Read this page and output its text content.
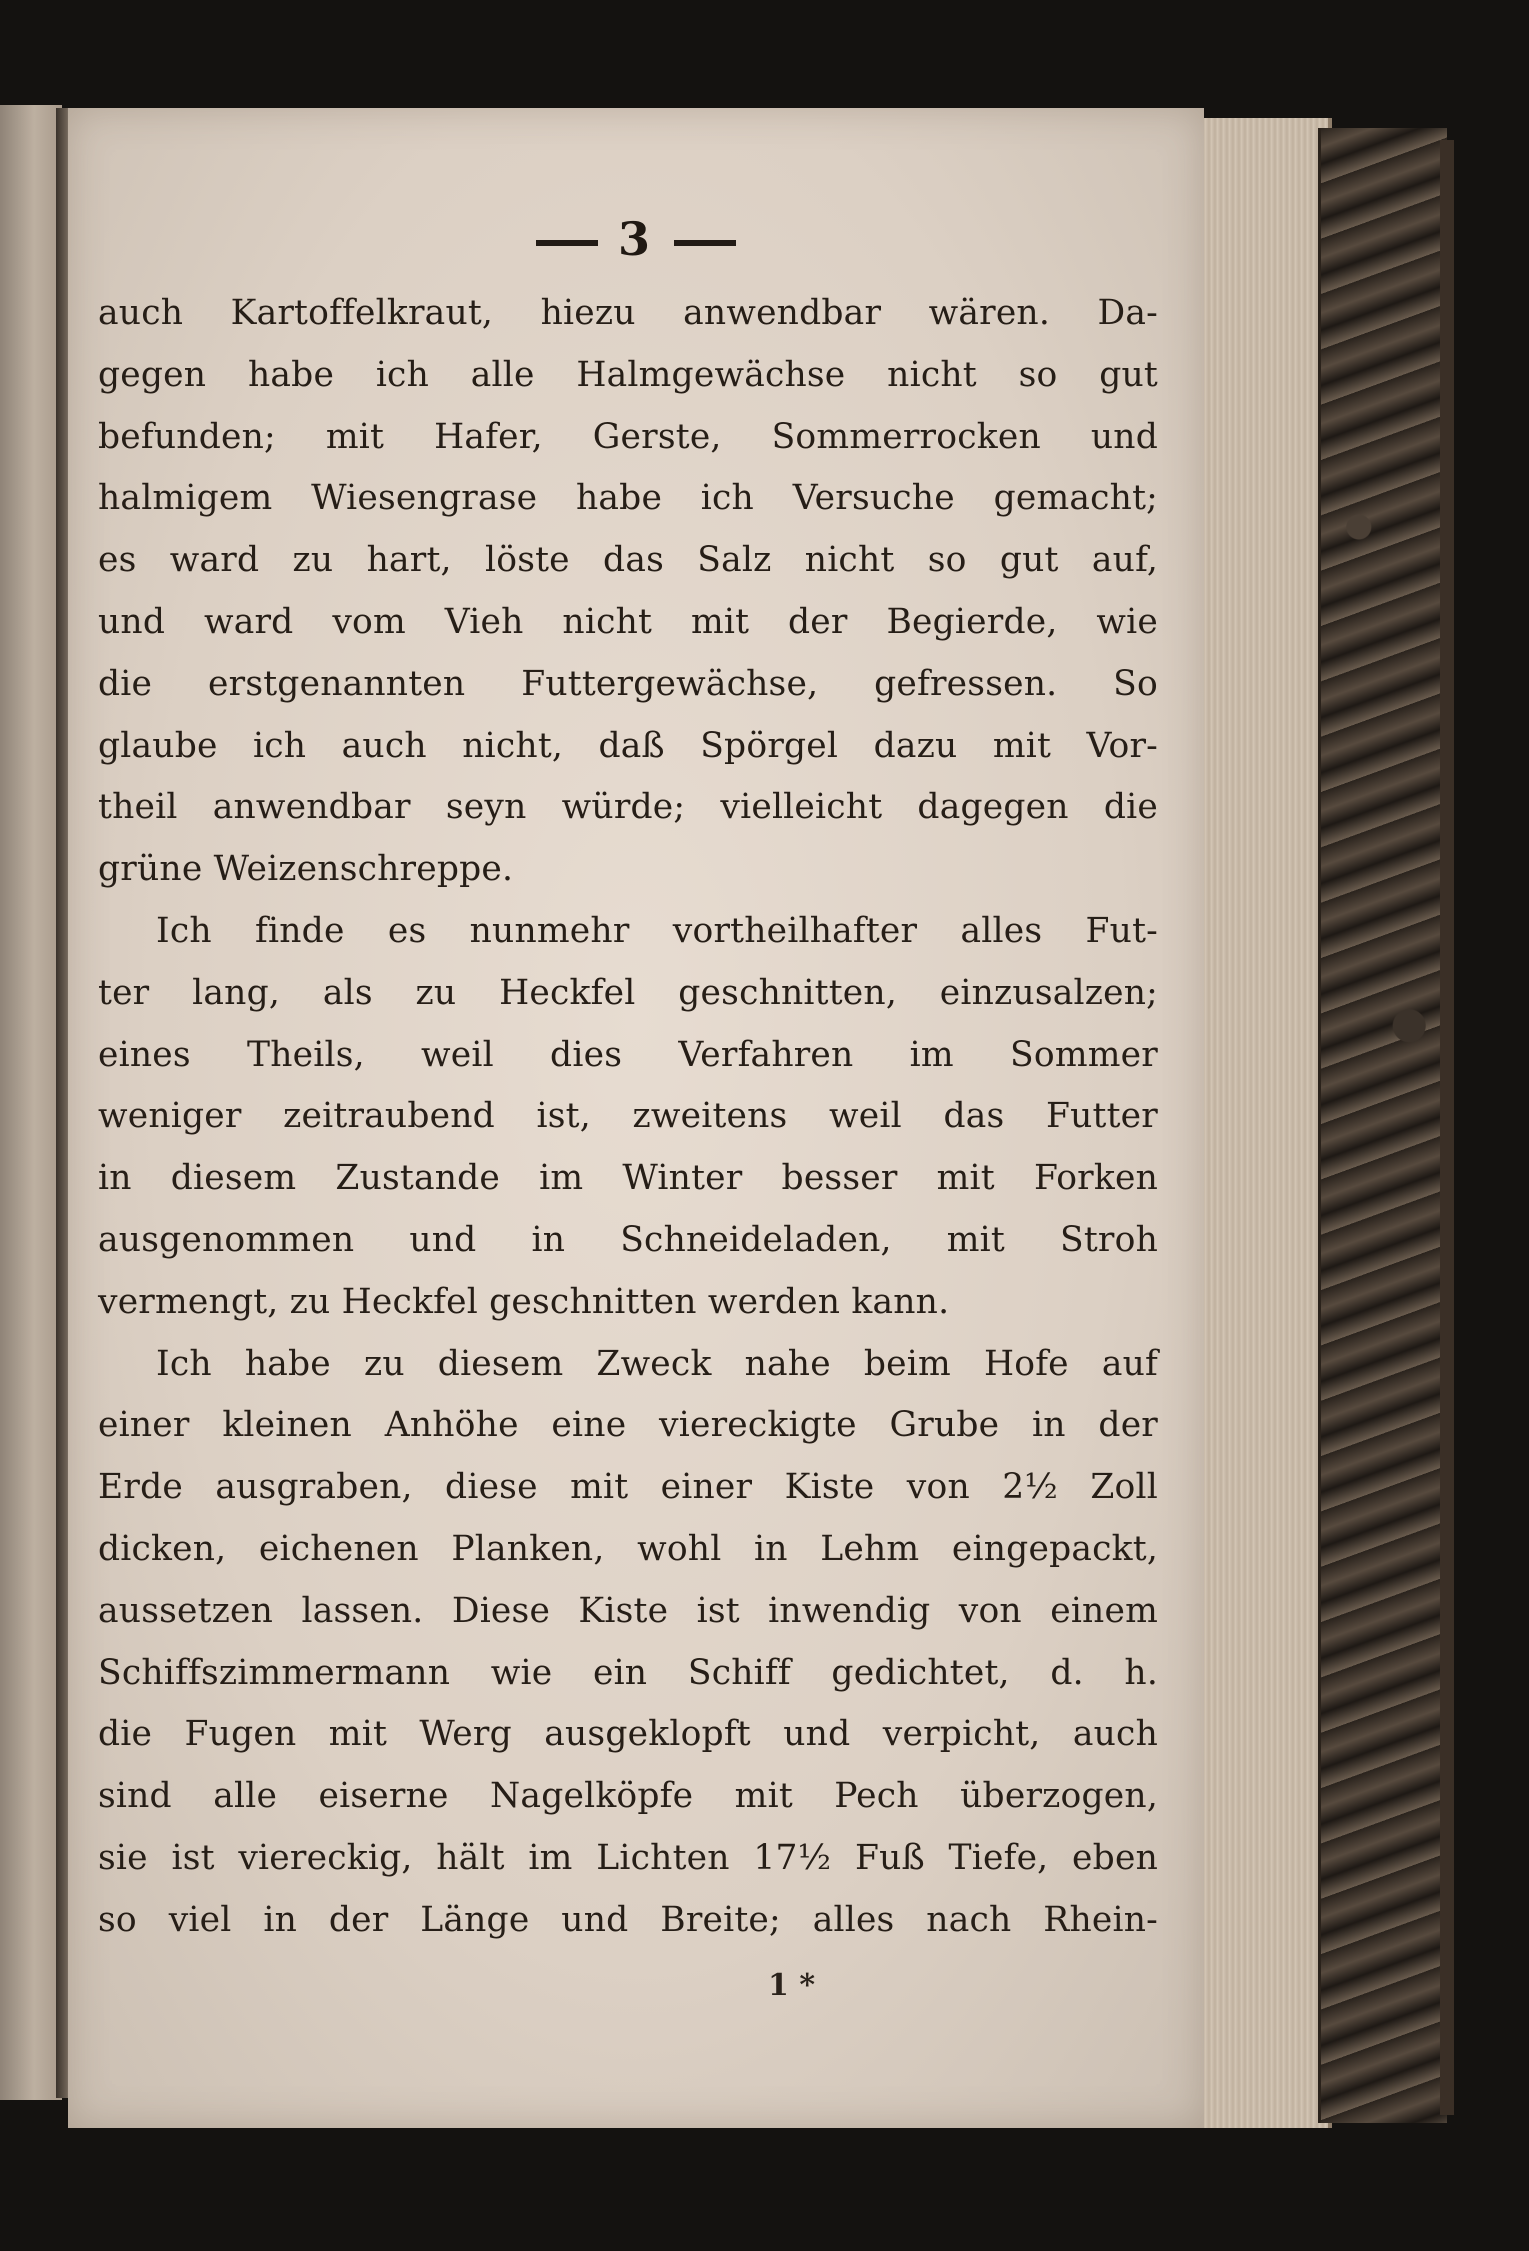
3
auch Kartoffelkraut, hiezu anwendbar wären. Da-
gegen habe ich alle Halmgewächse nicht so gut
befunden; mit Hafer, Gerste, Sommerrocken und
halmigem Wiesengrase habe ich Versuche gemacht;
es ward zu hart, löste das Salz nicht so gut auf,
und ward vom Vieh nicht mit der Begierde, wie
die erstgenannten Futtergewächse, gefressen. So
glaube ich auch nicht, daß Spörgel dazu mit Vor-
theil anwendbar seyn würde; vielleicht dagegen die
grüne Weizenschreppe.
Ich finde es nunmehr vortheilhafter alles Fut-
ter lang, als zu Heckfel geschnitten, einzusalzen;
eines Theils, weil dies Verfahren im Sommer
weniger zeitraubend ist, zweitens weil das Futter
in diesem Zustande im Winter besser mit Forken
ausgenommen und in Schneideladen, mit Stroh
vermengt, zu Heckfel geschnitten werden kann.
Ich habe zu diesem Zweck nahe beim Hofe auf
einer kleinen Anhöhe eine viereckigte Grube in der
Erde ausgraben, diese mit einer Kiste von 2½ Zoll
dicken, eichenen Planken, wohl in Lehm eingepackt,
aussetzen lassen. Diese Kiste ist inwendig von einem
Schiffszimmermann wie ein Schiff gedichtet, d. h.
die Fugen mit Werg ausgeklopft und verpicht, auch
sind alle eiserne Nagelköpfe mit Pech überzogen,
sie ist viereckig, hält im Lichten 17½ Fuß Tiefe, eben
so viel in der Länge und Breite; alles nach Rhein-
1 *
